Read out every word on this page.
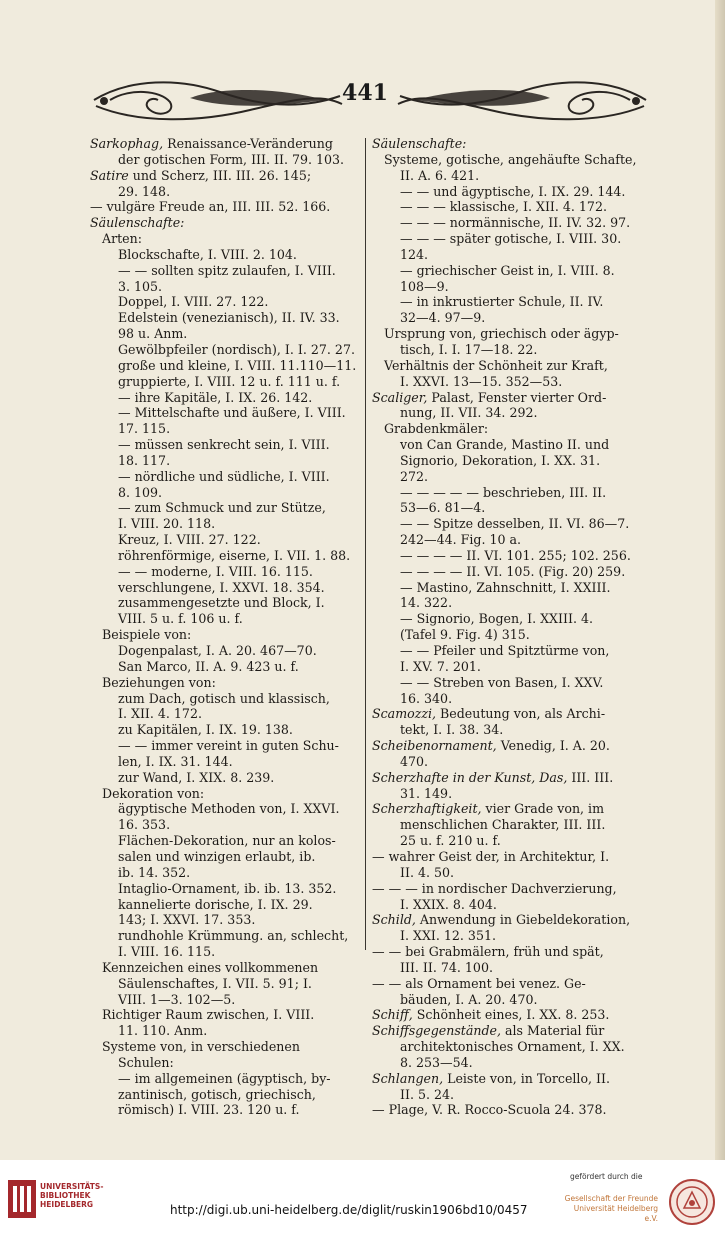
441
Sarkophag, Renaissance-Veränderung
der gotischen Form, III. II. 79. 103.
Satire und Scherz, III. III. 26. 145;
29. 148.
— vulgäre Freude an, III. III. 52. 166.
Säulenschafte:
Arten:
Blockschafte, I. VIII. 2. 104.
— — sollten spitz zulaufen, I. VIII.
3. 105.
Doppel, I. VIII. 27. 122.
Edelstein (venezianisch), II. IV. 33.
98 u. Anm.
Gewölbpfeiler (nordisch), I. I. 27. 27.
große und kleine, I. VIII. 11.110—11.
gruppierte, I. VIII. 12 u. f. 111 u. f.
— ihre Kapitäle, I. IX. 26. 142.
— Mittelschafte und äußere, I. VIII.
17. 115.
— müssen senkrecht sein, I. VIII.
18. 117.
— nördliche und südliche, I. VIII.
8. 109.
— zum Schmuck und zur Stütze,
I. VIII. 20. 118.
Kreuz, I. VIII. 27. 122.
röhrenförmige, eiserne, I. VII. 1. 88.
— — moderne, I. VIII. 16. 115.
verschlungene, I. XXVI. 18. 354.
zusammengesetzte und Block, I.
VIII. 5 u. f. 106 u. f.
Beispiele von:
Dogenpalast, I. A. 20. 467—70.
San Marco, II. A. 9. 423 u. f.
Beziehungen von:
zum Dach, gotisch und klassisch,
I. XII. 4. 172.
zu Kapitälen, I. IX. 19. 138.
— — immer vereint in guten Schu-
len, I. IX. 31. 144.
zur Wand, I. XIX. 8. 239.
Dekoration von:
ägyptische Methoden von, I. XXVI.
16. 353.
Flächen-Dekoration, nur an kolos-
salen und winzigen erlaubt, ib.
ib. 14. 352.
Intaglio-Ornament, ib. ib. 13. 352.
kannelierte dorische, I. IX. 29.
143; I. XXVI. 17. 353.
rundhohle Krümmung. an, schlecht,
I. VIII. 16. 115.
Kennzeichen eines vollkommenen
Säulenschaftes, I. VII. 5. 91; I.
VIII. 1—3. 102—5.
Richtiger Raum zwischen, I. VIII.
11. 110. Anm.
Systeme von, in verschiedenen
Schulen:
— im allgemeinen (ägyptisch, by-
zantinisch, gotisch, griechisch,
römisch) I. VIII. 23. 120 u. f.
Säulenschafte:
Systeme, gotische, angehäufte Schafte,
II. A. 6. 421.
— — und ägyptische, I. IX. 29. 144.
— — — klassische, I. XII. 4. 172.
— — — normännische, II. IV. 32. 97.
— — — später gotische, I. VIII. 30.
124.
— griechischer Geist in, I. VIII. 8.
108—9.
— in inkrustierter Schule, II. IV.
32—4. 97—9.
Ursprung von, griechisch oder ägyp-
tisch, I. I. 17—18. 22.
Verhältnis der Schönheit zur Kraft,
I. XXVI. 13—15. 352—53.
Scaliger, Palast, Fenster vierter Ord-
nung, II. VII. 34. 292.
Grabdenkmäler:
von Can Grande, Mastino II. und
Signorio, Dekoration, I. XX. 31.
272.
— — — — — beschrieben, III. II.
53—6. 81—4.
— — Spitze desselben, II. VI. 86—7.
242—44. Fig. 10 a.
— — — — II. VI. 101. 255; 102. 256.
— — — — II. VI. 105. (Fig. 20) 259.
— Mastino, Zahnschnitt, I. XXIII.
14. 322.
— Signorio, Bogen, I. XXIII. 4.
(Tafel 9. Fig. 4) 315.
— — Pfeiler und Spitztürme von,
I. XV. 7. 201.
— — Streben von Basen, I. XXV.
16. 340.
Scamozzi, Bedeutung von, als Archi-
tekt, I. I. 38. 34.
Scheibenornament, Venedig, I. A. 20.
470.
Scherzhafte in der Kunst, Das, III. III.
31. 149.
Scherzhaftigkeit, vier Grade von, im
menschlichen Charakter, III. III.
25 u. f. 210 u. f.
— wahrer Geist der, in Architektur, I.
II. 4. 50.
— — — in nordischer Dachverzierung,
I. XXIX. 8. 404.
Schild, Anwendung in Giebeldekoration,
I. XXI. 12. 351.
— — bei Grabmälern, früh und spät,
III. II. 74. 100.
— — als Ornament bei venez. Ge-
bäuden, I. A. 20. 470.
Schiff, Schönheit eines, I. XX. 8. 253.
Schiffsgegenstände, als Material für
architektonisches Ornament, I. XX.
8. 253—54.
Schlangen, Leiste von, in Torcello, II.
II. 5. 24.
— Plage, V. R. Rocco-Scuola 24. 378.
UNIVERSITÄTS-
BIBLIOTHEK
HEIDELBERG	http://digi.ub.uni-heidelberg.de/diglit/ruskin1906bd10/0457
gefördert durch die
Gesellschaft der Freunde
Universität Heidelberg e.V.
